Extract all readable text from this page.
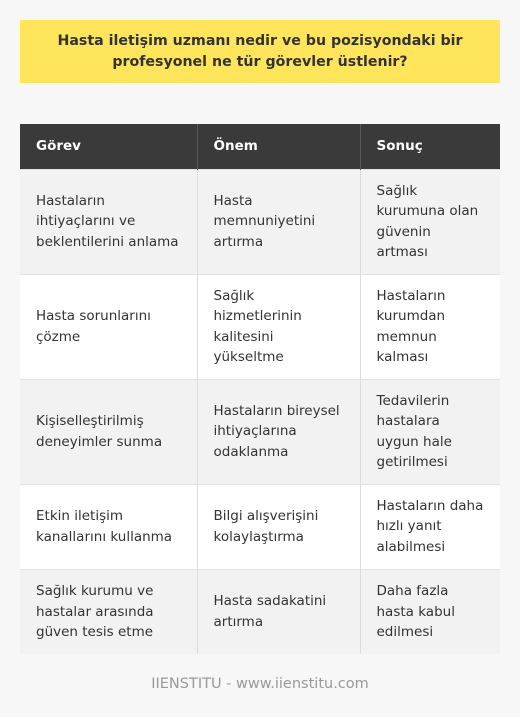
Hasta iletişim uzmanı nedir ve bu pozisyondaki bir profesyonel ne tür görevler üstlenir?
Görev	Önem	Sonuç
Hastaların ihtiyaçlarını ve beklentilerini anlama	Hasta memnuniyetini artırma	Sağlık kurumuna olan güvenin artması
Hasta sorunlarını çözme	Sağlık hizmetlerinin kalitesini yükseltme	Hastaların kurumdan memnun kalması
Kişiselleştirilmiş deneyimler sunma	Hastaların bireysel ihtiyaçlarına odaklanma	Tedavilerin hastalara uygun hale getirilmesi
Etkin iletişim kanallarını kullanma	Bilgi alışverişini kolaylaştırma	Hastaların daha hızlı yanıt alabilmesi
Sağlık kurumu ve hastalar arasında güven tesis etme	Hasta sadakatini artırma	Daha fazla hasta kabul edilmesi
IIENSTITU - www.iienstitu.com
